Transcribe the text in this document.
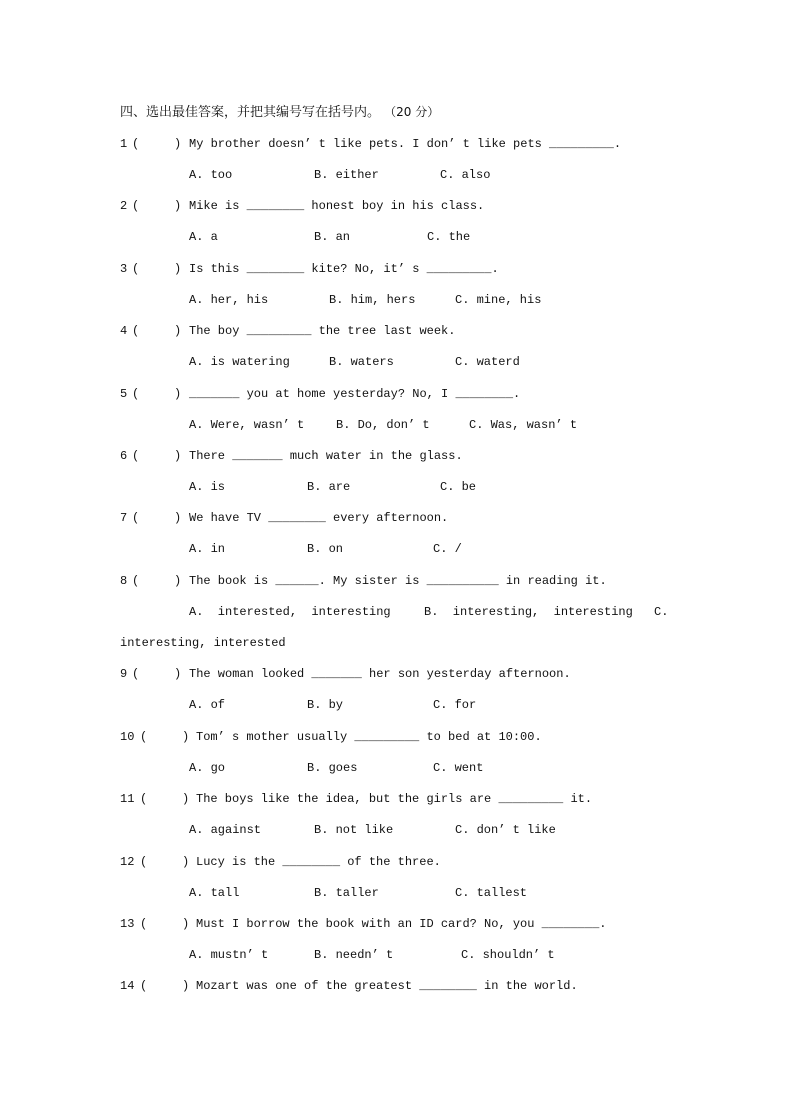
四、选出最佳答案，并把其编号写在括号内。 （20 分）
1 (	) My brother doesn’ t like pets. I don’ t like pets _________.
A. too	B. either	C. also
2 (	) Mike is ________ honest boy in his class.
A. a	B. an	C. the
3 (	) Is this ________ kite? No, it’ s _________.
A. her, his	B. him, hers	C. mine, his
4 (	) The boy _________ the tree last week.
A. is watering	B. waters	C. waterd
5 (	) _______ you at home yesterday? No, I ________.
A. Were, wasn’ t	B. Do, don’ t	C. Was, wasn’ t
6 (	) There _______ much water in the glass.
A. is	B. are	C. be
7 (	) We have TV ________ every afternoon.
A. in	B. on	C. /
8 (	) The book is ______. My sister is __________ in reading it.
A.  interested,  interesting	B.  interesting,  interesting C.
interesting, interested
9 (	) The woman looked _______ her son yesterday afternoon.
A. of	B. by	C. for
10 (	) Tom’ s mother usually _________ to bed at 10:00.
A. go	B. goes	C. went
11 (	) The boys like the idea, but the girls are _________ it.
A. against	B. not like	C. don’ t like
12 (	) Lucy is the ________ of the three.
A. tall	B. taller	C. tallest
13 (	) Must I borrow the book with an ID card? No, you ________.
A. mustn’ t	B. needn’ t	C. shouldn’ t
14 (	) Mozart was one of the greatest ________ in the world.
